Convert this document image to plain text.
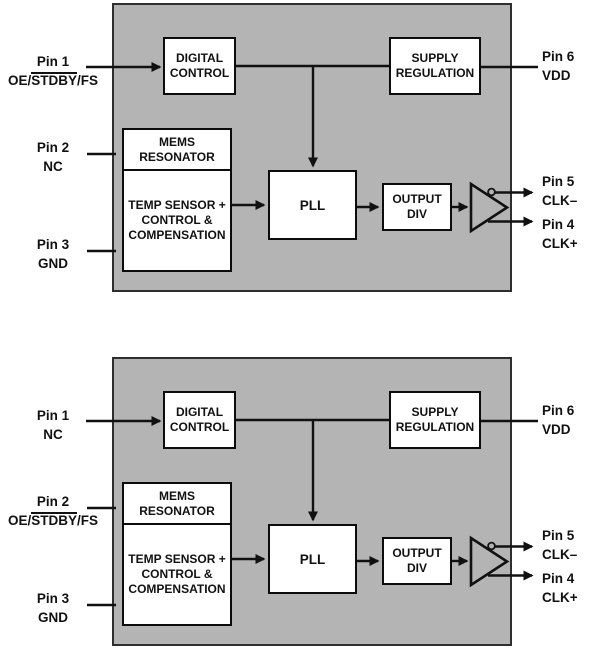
DIGITAL
CONTROL
SUPPLY
REGULATION
MEMS
RESONATOR
TEMP SENSOR +
CONTROL &
COMPENSATION
PLL	OUTPUT
DIV
Pin 1
OE/STDBY/FS
Pin 2
NC
Pin 3
GND
Pin 6
VDD
Pin 5
CLK–
Pin 4
CLK+
DIGITAL
CONTROL
SUPPLY
REGULATION
MEMS
RESONATOR
TEMP SENSOR +
CONTROL &
COMPENSATION
PLL	OUTPUT
DIV
Pin 1
NC
Pin 2
OE/STDBY/FS
Pin 3
GND
Pin 6
VDD
Pin 5
CLK–
Pin 4
CLK+
